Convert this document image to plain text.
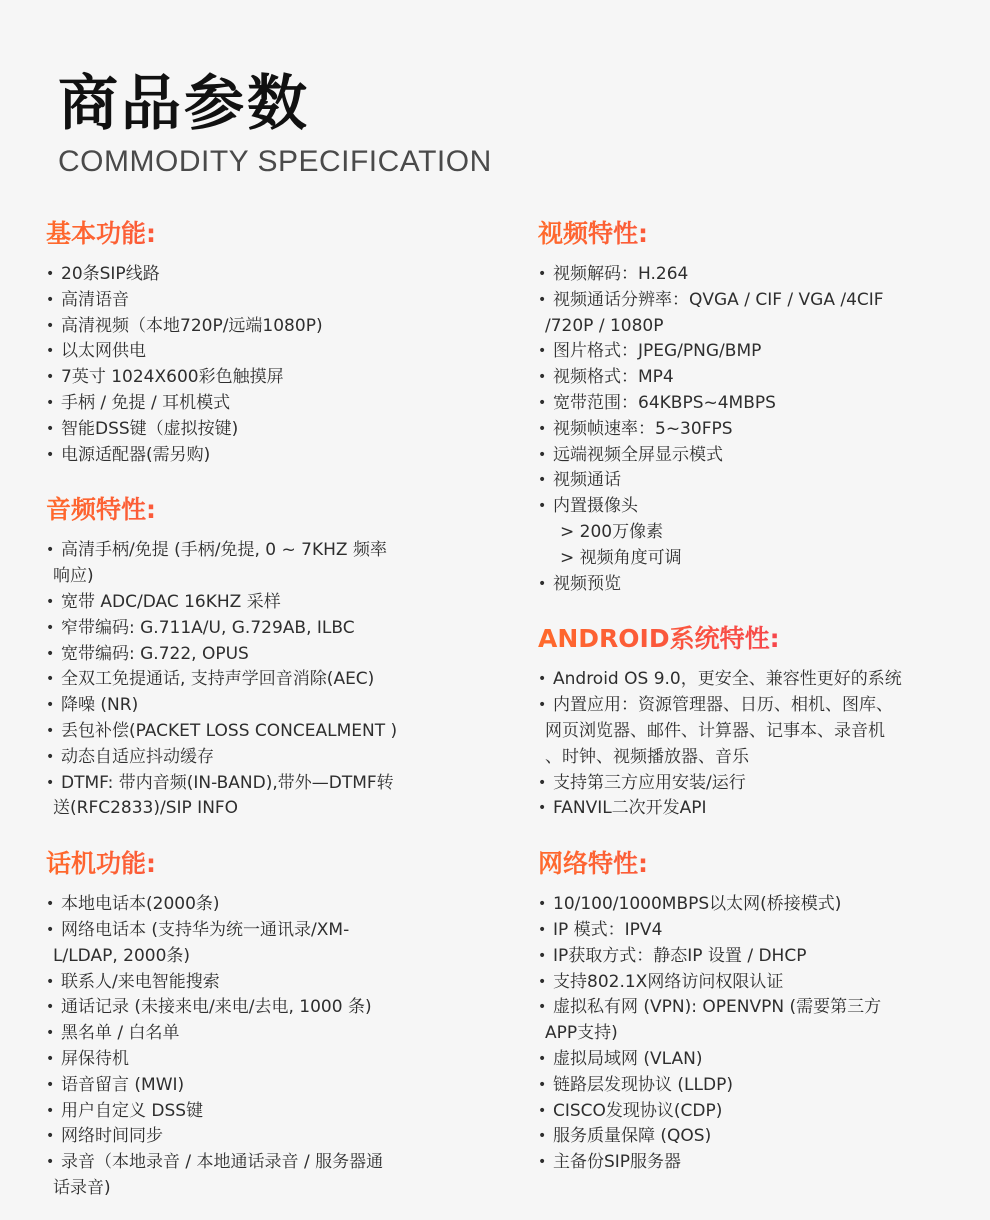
商品参数
COMMODITY SPECIFICATION
基本功能:
• 20条SIP线路
• 高清语音
• 高清视频（本地720P/远端1080P)
• 以太网供电
• 7英寸 1024X600彩色触摸屏
• 手柄 / 免提 / 耳机模式
• 智能DSS键（虚拟按键)
• 电源适配器(需另购)
音频特性:
• 高清手柄/免提 (手柄/免提, 0 ~ 7KHZ 频率
响应)
• 宽带 ADC/DAC 16KHZ 采样
• 窄带编码: G.711A/U, G.729AB, ILBC
• 宽带编码: G.722, OPUS
• 全双工免提通话, 支持声学回音消除(AEC)
• 降噪 (NR)
• 丢包补偿(PACKET LOSS CONCEALMENT )
• 动态自适应抖动缓存
• DTMF: 带内音频(IN-BAND),带外—DTMF转
送(RFC2833)/SIP INFO
话机功能:
• 本地电话本(2000条)
• 网络电话本 (支持华为统一通讯录/XM-
L/LDAP, 2000条)
• 联系人/来电智能搜索
• 通话记录 (未接来电/来电/去电, 1000 条)
• 黑名单 / 白名单
• 屏保待机
• 语音留言 (MWI)
• 用户自定义 DSS键
• 网络时间同步
• 录音（本地录音 / 本地通话录音 / 服务器通
话录音)
视频特性:
• 视频解码：H.264
• 视频通话分辨率：QVGA / CIF / VGA /4CIF
/720P / 1080P
• 图片格式：JPEG/PNG/BMP
• 视频格式：MP4
• 宽带范围：64KBPS~4MBPS
• 视频帧速率：5~30FPS
• 远端视频全屏显示模式
• 视频通话
• 内置摄像头
> 200万像素
> 视频角度可调
• 视频预览
ANDROID系统特性:
• Android OS 9.0，更安全、兼容性更好的系统
• 内置应用：资源管理器、日历、相机、图库、
网页浏览器、邮件、计算器、记事本、录音机
、时钟、视频播放器、音乐
• 支持第三方应用安装/运行
• FANVIL二次开发API
网络特性:
• 10/100/1000MBPS以太网(桥接模式)
• IP 模式：IPV4
• IP获取方式：静态IP 设置 / DHCP
• 支持802.1X网络访问权限认证
• 虚拟私有网 (VPN): OPENVPN (需要第三方
APP支持)
• 虚拟局域网 (VLAN)
• 链路层发现协议 (LLDP)
• CISCO发现协议(CDP)
• 服务质量保障 (QOS)
• 主备份SIP服务器
